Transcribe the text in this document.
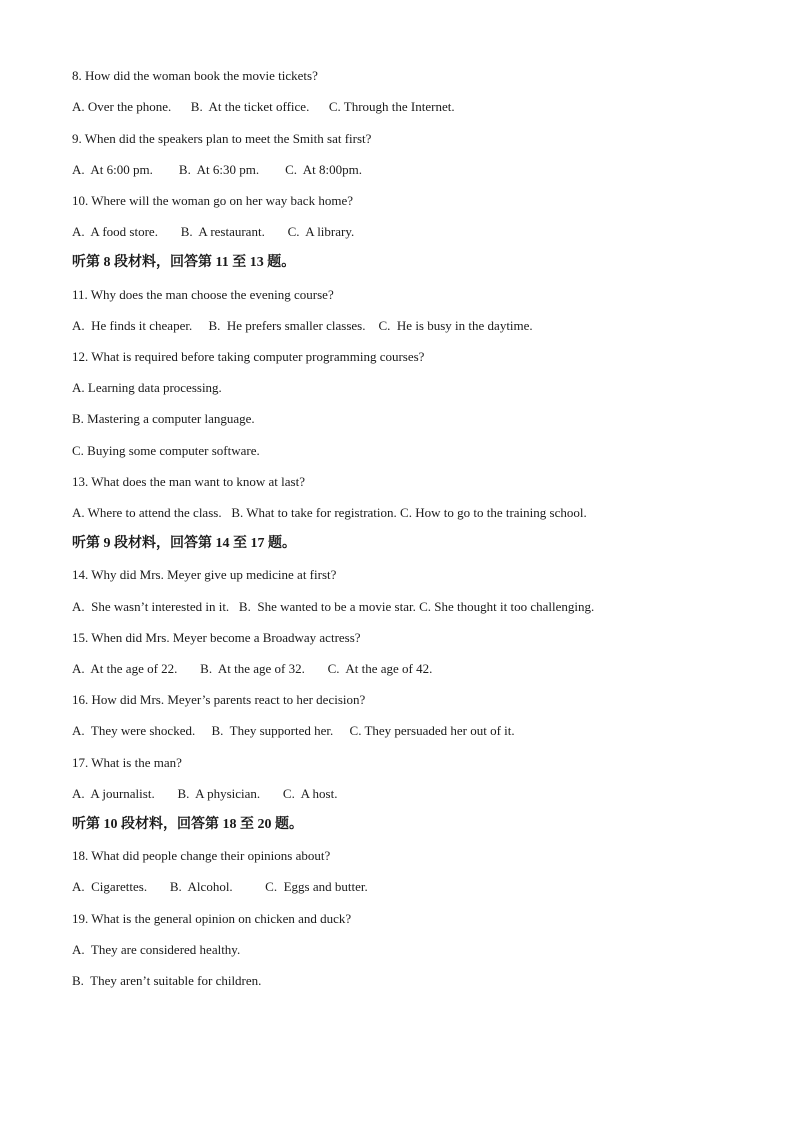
8. How did the woman book the movie tickets?
A. Over the phone.      B.  At the ticket office.      C. Through the Internet.
9. When did the speakers plan to meet the Smith sat first?
A.  At 6:00 pm.        B.  At 6:30 pm.        C.  At 8:00pm.
10. Where will the woman go on her way back home?
A.  A food store.       B.  A restaurant.       C.  A library.
听第 8 段材料，回答第 11 至 13 题。
11. Why does the man choose the evening course?
A.  He finds it cheaper.     B.  He prefers smaller classes.    C.  He is busy in the daytime.
12. What is required before taking computer programming courses?
A. Learning data processing.
B. Mastering a computer language.
C. Buying some computer software.
13. What does the man want to know at last?
A. Where to attend the class.   B. What to take for registration. C. How to go to the training school.
听第 9 段材料，回答第 14 至 17 题。
14. Why did Mrs. Meyer give up medicine at first?
A.  She wasn’t interested in it.   B.  She wanted to be a movie star. C. She thought it too challenging.
15. When did Mrs. Meyer become a Broadway actress?
A.  At the age of 22.       B.  At the age of 32.       C.  At the age of 42.
16. How did Mrs. Meyer’s parents react to her decision?
A.  They were shocked.     B.  They supported her.     C. They persuaded her out of it.
17. What is the man?
A.  A journalist.       B.  A physician.       C.  A host.
听第 10 段材料，回答第 18 至 20 题。
18. What did people change their opinions about?
A.  Cigarettes.       B.  Alcohol.          C.  Eggs and butter.
19. What is the general opinion on chicken and duck?
A.  They are considered healthy.
B.  They aren’t suitable for children.
